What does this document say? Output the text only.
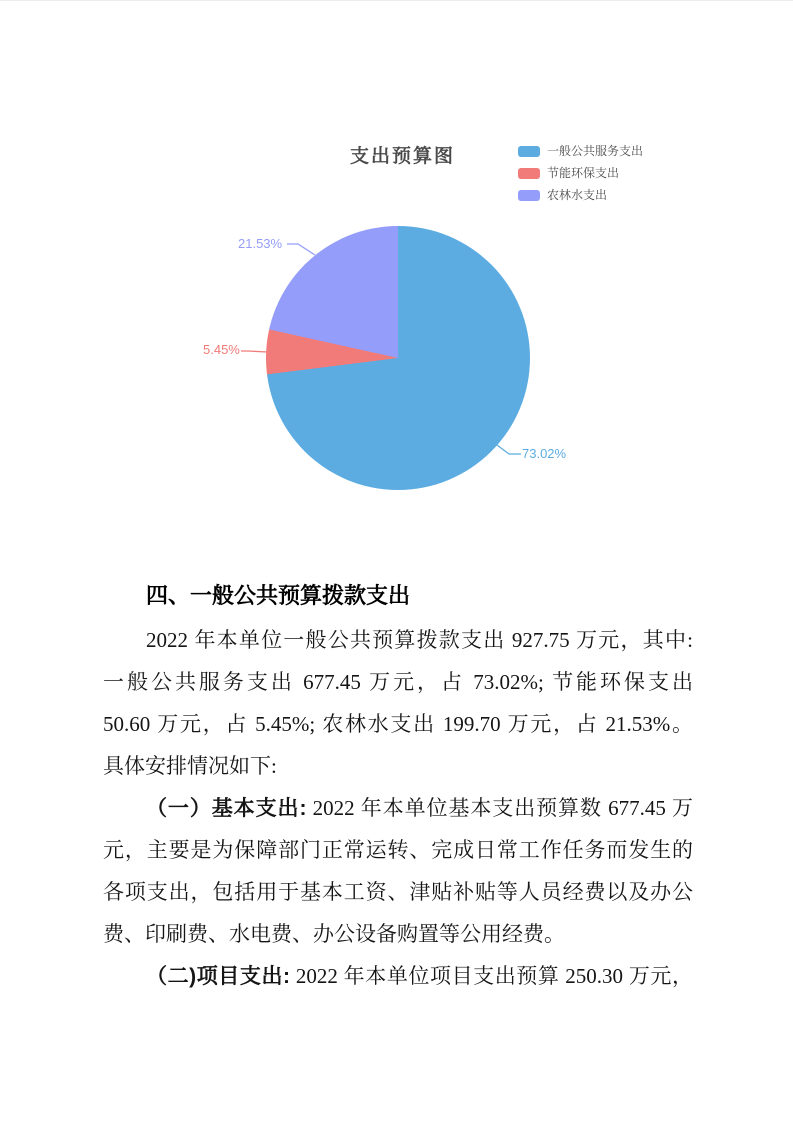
支出预算图	一般公共服务支出
节能环保支出
农林水支出
21.53%
5.45%
73.02%
四、一般公共预算拨款支出
2022 年本单位一般公共预算拨款支出 927.75 万元，其中:
一般公共服务支出 677.45 万元，占 73.02%; 节能环保支出
50.60 万元，占 5.45%; 农林水支出 199.70 万元，占 21.53%。
具体安排情况如下:
（一）基本支出: 2022 年本单位基本支出预算数 677.45 万
元，主要是为保障部门正常运转、完成日常工作任务而发生的
各项支出，包括用于基本工资、津贴补贴等人员经费以及办公
费、印刷费、水电费、办公设备购置等公用经费。
（二)项目支出: 2022 年本单位项目支出预算 250.30 万元，
